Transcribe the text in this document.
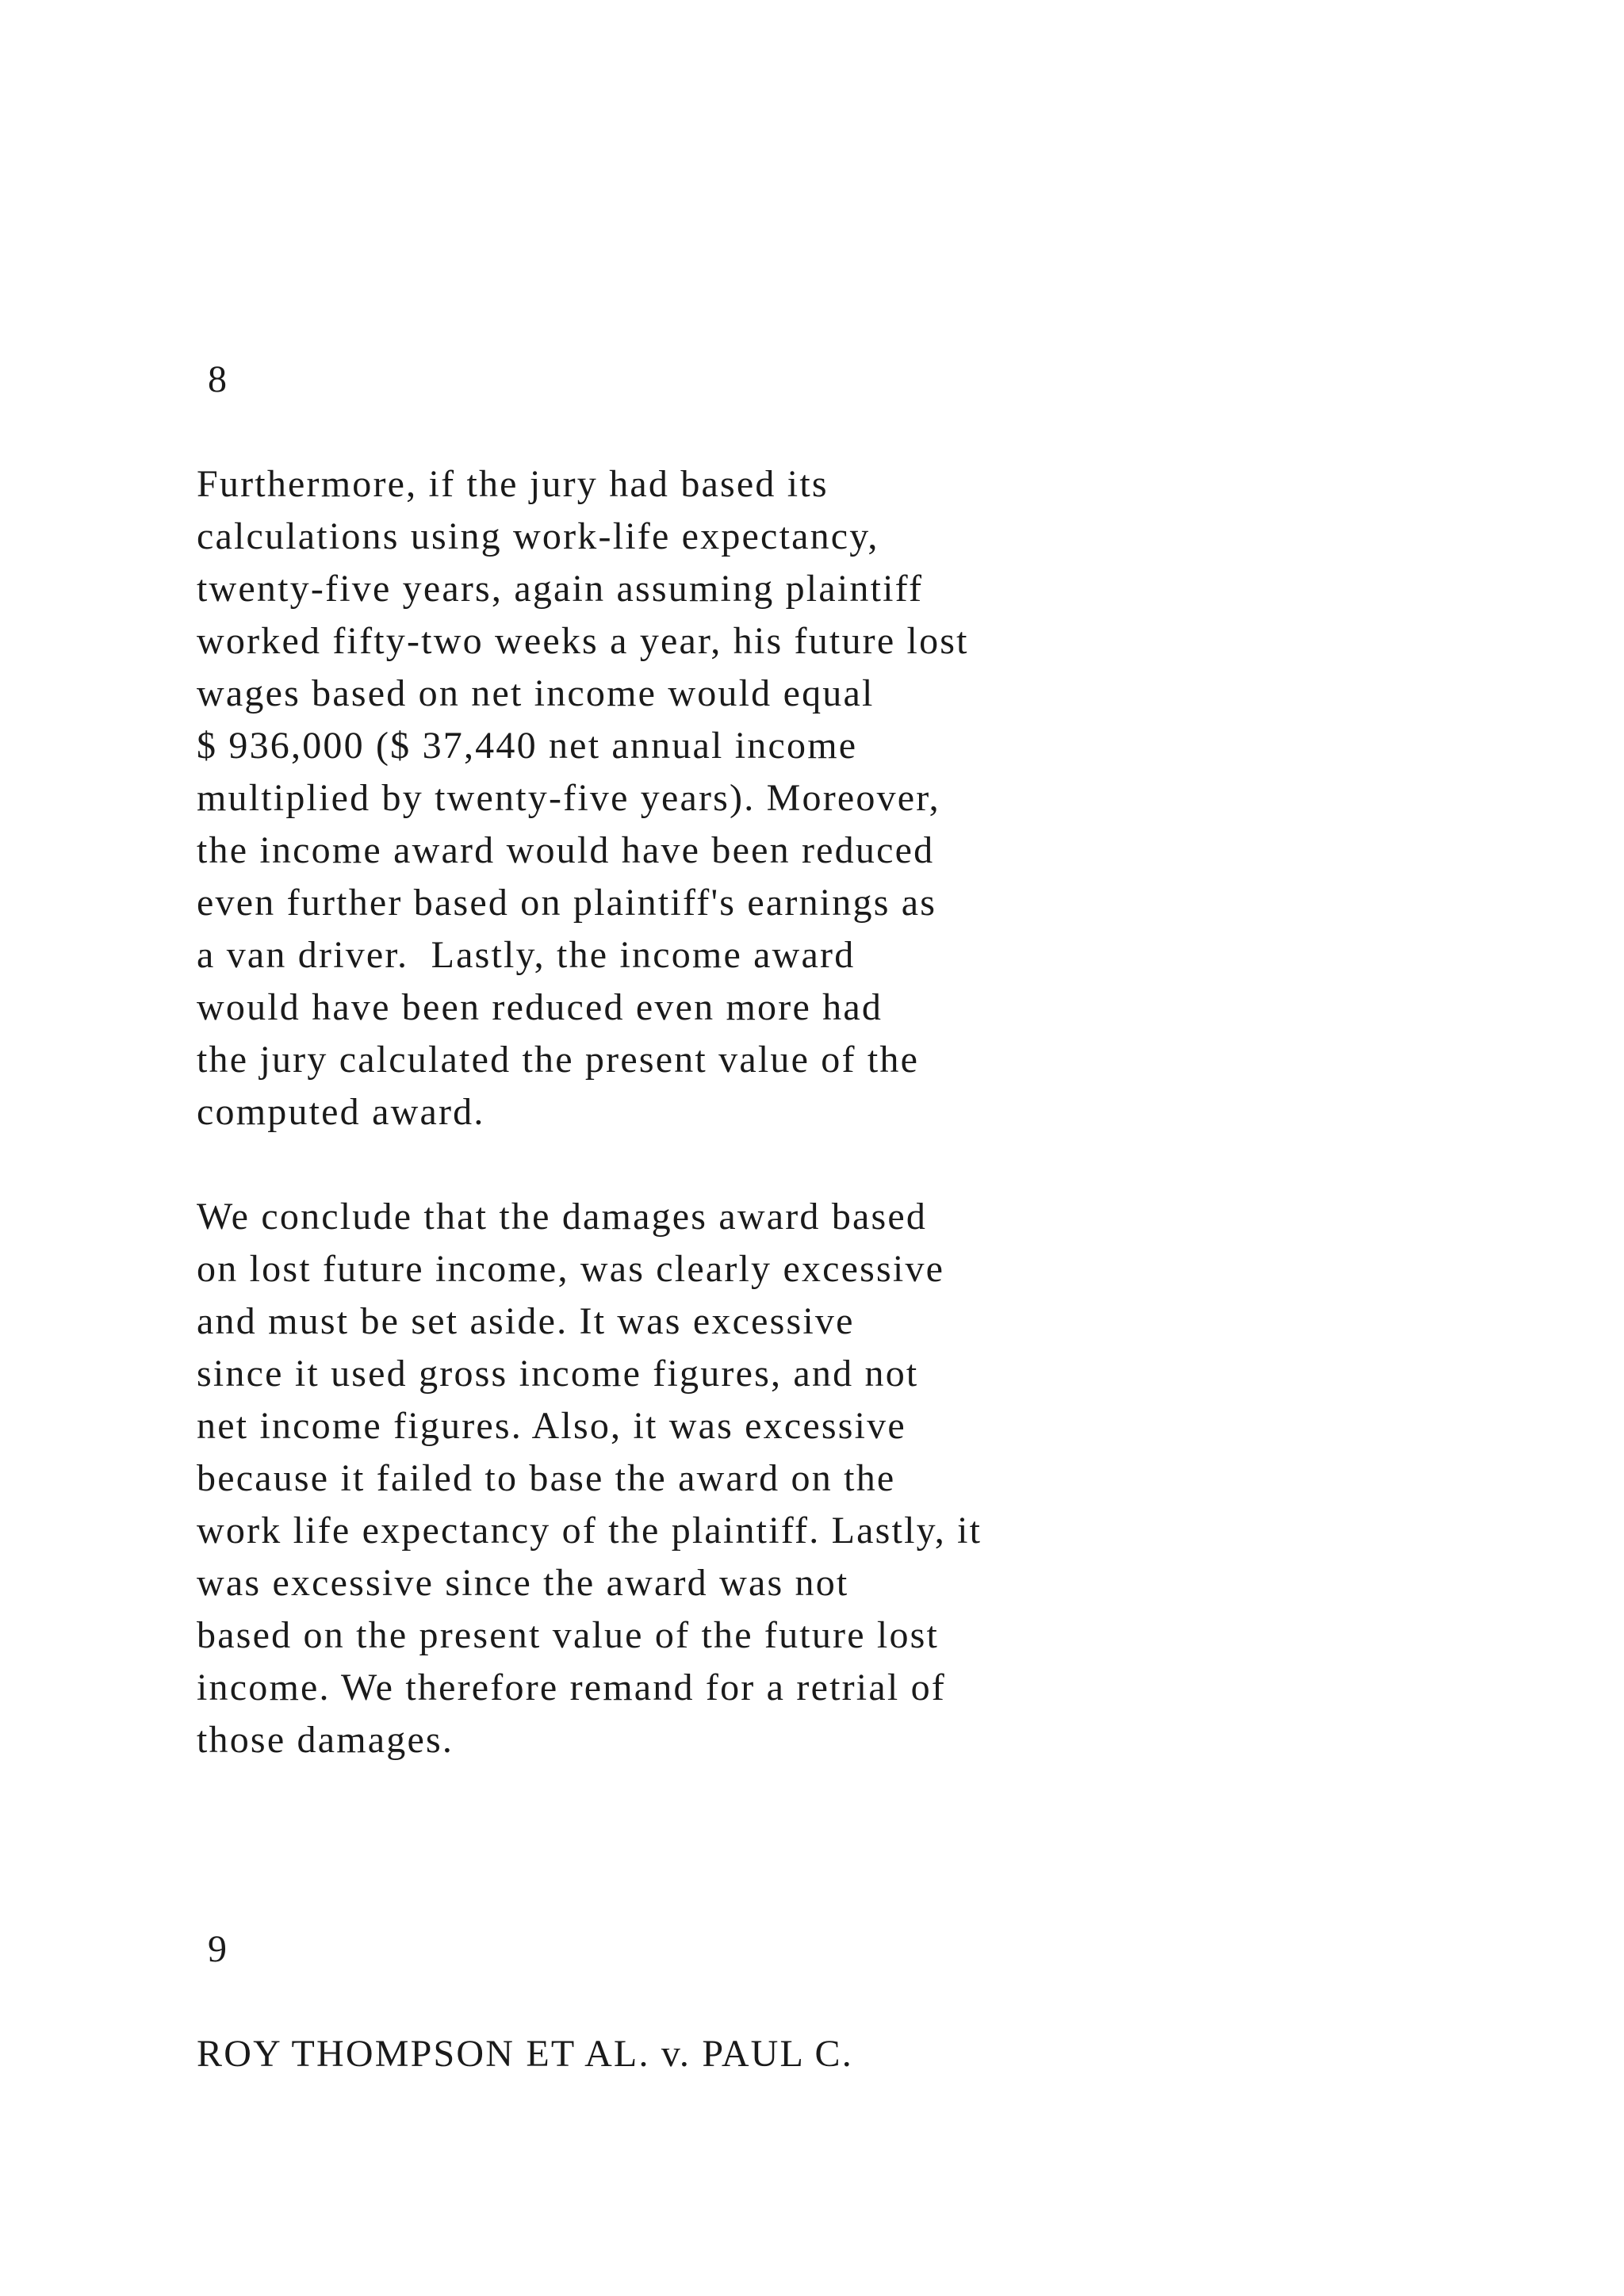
8

Furthermore, if the jury had based its

calculations using work-life expectancy,

twenty-five years, again assuming plaintiff

worked fifty-two weeks a year, his future lost

wages based on net income would equal

$ 936,000 ($ 37,440 net annual income

multiplied by twenty-five years). Moreover,

the income award would have been reduced

even further based on plaintiff's earnings as

a van driver.  Lastly, the income award

would have been reduced even more had

the jury calculated the present value of the

computed award.

We conclude that the damages award based

on lost future income, was clearly excessive

and must be set aside. It was excessive

since it used gross income figures, and not

net income figures. Also, it was excessive

because it failed to base the award on the

work life expectancy of the plaintiff. Lastly, it

was excessive since the award was not

based on the present value of the future lost

income. We therefore remand for a retrial of

those damages.

9

ROY THOMPSON ET AL. v. PAUL C.
